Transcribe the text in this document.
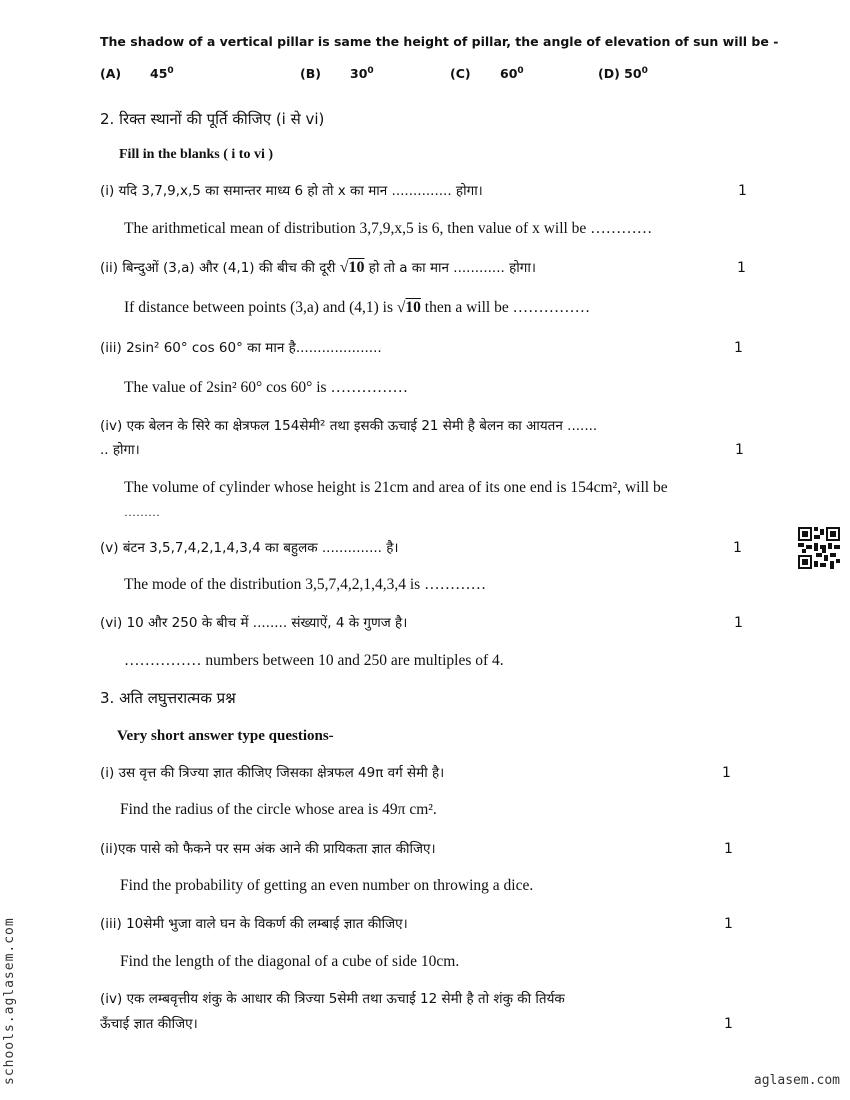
The shadow of a vertical pillar is same the height of pillar, the angle of elevation of sun will be -
(A) $45^0$	(B) $30^0$	(C) $60^0$	(D) $50^0$
2. रिक्त स्थानों की पूर्ति कीजिए (i से vi)
Fill in the blanks ( i to vi )
(i) यदि 3,7,9,x,5 का समान्तर माध्य 6 हो तो x का मान .............. होगा।	1
The arithmetical mean of distribution 3,7,9,x,5 is 6, then value of x will be …………
(ii) बिन्दुओं (3,a) और (4,1) की बीच की दूरी √10 हो तो a का मान ............ होगा।	1
If distance between points (3,a) and (4,1) is √10 then a will be ……………
(iii) 2sin² 60° cos 60° का मान है....................	1
The value of 2sin² 60° cos 60° is ……………
(iv) एक बेलन के सिरे का क्षेत्रफल 154सेमी² तथा इसकी ऊचाई 21 सेमी है बेलन का आयतन .......
.. होगा।	1
The volume of cylinder whose height is 21cm and area of its one end is 154cm², will be
………
(v) बंटन 3,5,7,4,2,1,4,3,4 का बहुलक .............. है।	1
The mode of the distribution 3,5,7,4,2,1,4,3,4 is …………
(vi) 10 और 250 के बीच में ........ संख्याऐं, 4 के गुणज है।	1
…………… numbers between 10 and 250 are multiples of 4.
3. अति लघुत्तरात्मक प्रश्न
Very short answer type questions-
(i) उस वृत्त की त्रिज्या ज्ञात कीजिए जिसका क्षेत्रफल 49π वर्ग सेमी है।	1
Find the radius of the circle whose area is 49π cm².
(ii)एक पासे को फैकने पर सम अंक आने की प्रायिकता ज्ञात कीजिए।	1
Find the probability of getting an even number on throwing a dice.
(iii) 10सेमी भुजा वाले घन के विकर्ण की लम्बाई ज्ञात कीजिए।	1
Find the length of the diagonal of a cube of side 10cm.
(iv) एक लम्बवृत्तीय शंकु के आधार की त्रिज्या 5सेमी तथा ऊचाई 12 सेमी है तो शंकु की तिर्यक
ऊँचाई ज्ञात कीजिए।	1
schools.aglasem.com	aglasem.com
